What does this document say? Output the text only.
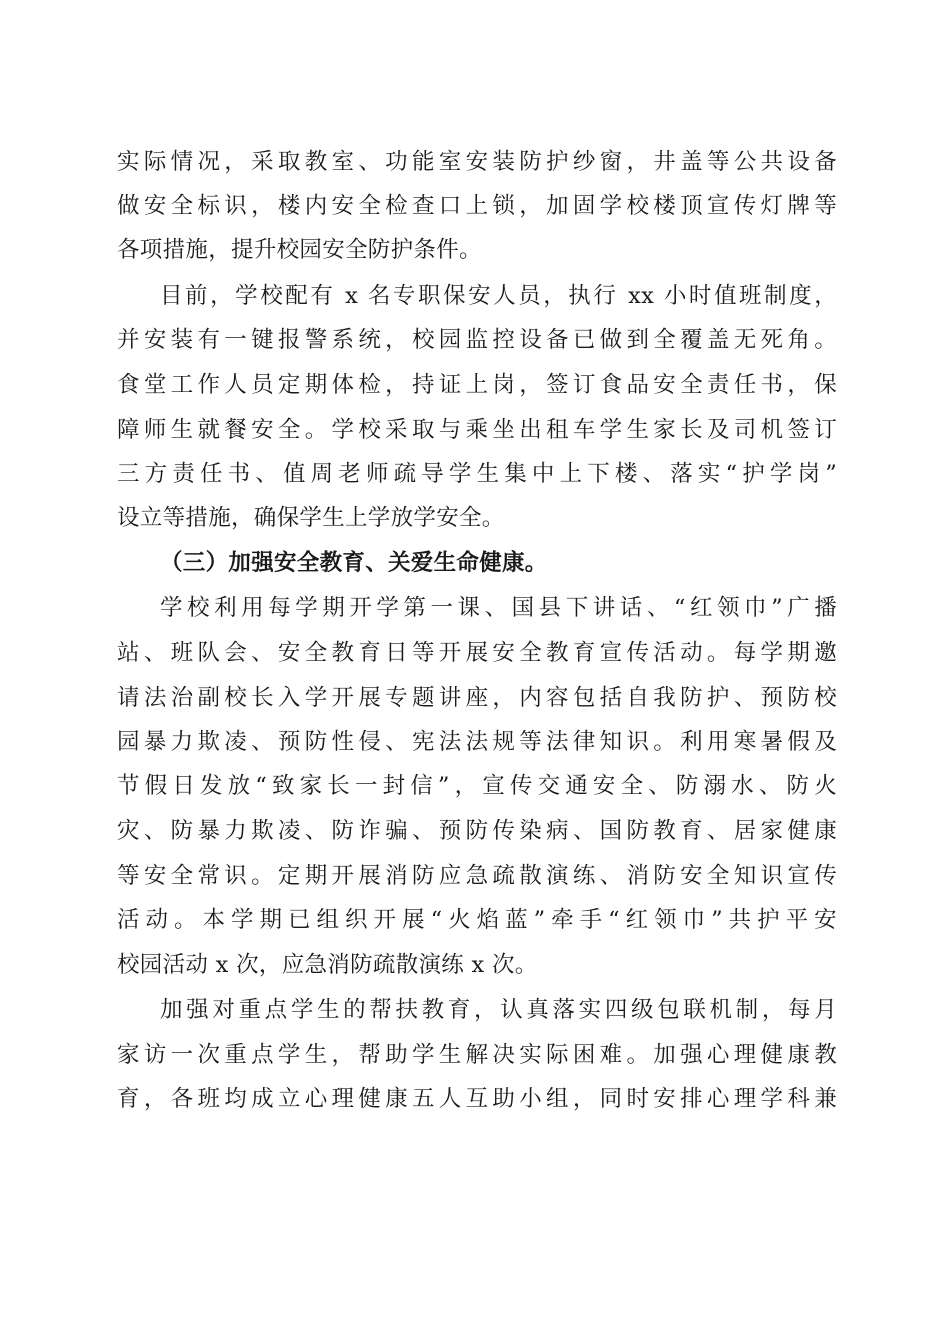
实际情况，采取教室、功能室安装防护纱窗，井盖等公共设备
做安全标识，楼内安全检查口上锁，加固学校楼顶宣传灯牌等
各项措施，提升校园安全防护条件。
目前，学校配有 x 名专职保安人员，执行 xx 小时值班制度，
并安装有一键报警系统，校园监控设备已做到全覆盖无死角。
食堂工作人员定期体检，持证上岗，签订食品安全责任书，保
障师生就餐安全。学校采取与乘坐出租车学生家长及司机签订
三方责任书、值周老师疏导学生集中上下楼、落实“护学岗”
设立等措施，确保学生上学放学安全。
（三）加强安全教育、关爱生命健康。
学校利用每学期开学第一课、国县下讲话、“红领巾”广播
站、班队会、安全教育日等开展安全教育宣传活动。每学期邀
请法治副校长入学开展专题讲座，内容包括自我防护、预防校
园暴力欺凌、预防性侵、宪法法规等法律知识。利用寒暑假及
节假日发放“致家长一封信”，宣传交通安全、防溺水、防火
灾、防暴力欺凌、防诈骗、预防传染病、国防教育、居家健康
等安全常识。定期开展消防应急疏散演练、消防安全知识宣传
活动。本学期已组织开展“火焰蓝”牵手“红领巾”共护平安
校园活动 x 次，应急消防疏散演练 x 次。
加强对重点学生的帮扶教育，认真落实四级包联机制，每月
家访一次重点学生，帮助学生解决实际困难。加强心理健康教
育，各班均成立心理健康五人互助小组，同时安排心理学科兼
